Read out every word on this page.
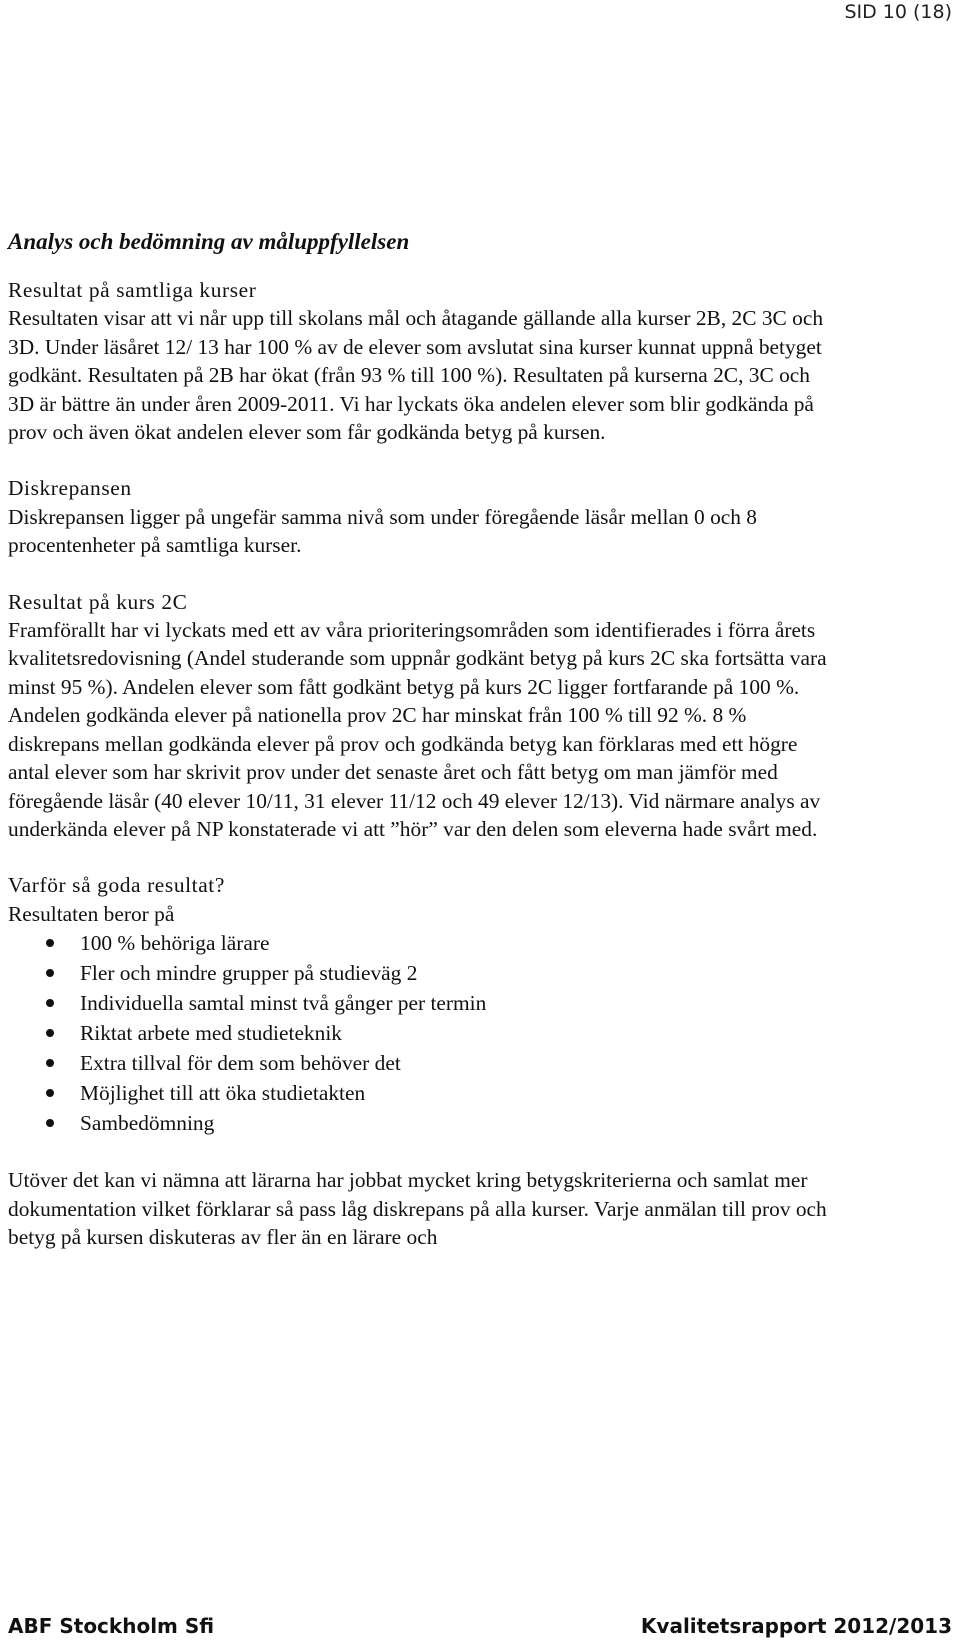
SID 10 (18)
Analys och bedömning av måluppfyllelsen

Resultat på samtliga kurser

Resultaten visar att vi når upp till skolans mål och åtagande gällande alla kurser 2B, 2C 3C och 3D. Under läsåret 12/ 13 har 100 % av de elever som avslutat sina kurser kunnat uppnå betyget godkänt. Resultaten på 2B har ökat (från 93 % till 100 %). Resultaten på kurserna 2C, 3C och 3D är bättre än under åren 2009-2011. Vi har lyckats öka andelen elever som blir godkända på prov och även ökat andelen elever som får godkända betyg på kursen.

Diskrepansen

Diskrepansen ligger på ungefär samma nivå som under föregående läsår mellan 0 och 8 procentenheter på samtliga kurser.

Resultat på kurs 2C

Framförallt har vi lyckats med ett av våra prioriteringsområden som identifierades i förra årets kvalitetsredovisning (Andel studerande som uppnår godkänt betyg på kurs 2C ska fortsätta vara minst 95 %). Andelen elever som fått godkänt betyg på kurs 2C ligger fortfarande på 100 %. Andelen godkända elever på nationella prov 2C har minskat från 100 % till 92 %. 8 % diskrepans mellan godkända elever på prov och godkända betyg kan förklaras med ett högre antal elever som har skrivit prov under det senaste året och fått betyg om man jämför med föregående läsår (40 elever 10/11, 31 elever 11/12 och 49 elever 12/13). Vid närmare analys av underkända elever på NP konstaterade vi att ”hör” var den delen som eleverna hade svårt med.

Varför så goda resultat?

Resultaten beror på

100 % behöriga lärare
Fler och mindre grupper på studieväg 2
Individuella samtal minst två gånger per termin
Riktat arbete med studieteknik
Extra tillval för dem som behöver det
Möjlighet till att öka studietakten
Sambedömning

Utöver det kan vi nämna att lärarna har jobbat mycket kring betygskriterierna och samlat mer dokumentation vilket förklarar så pass låg diskrepans på alla kurser. Varje anmälan till prov och betyg på kursen diskuteras av fler än en lärare och

ABF Stockholm Sfi	Kvalitetsrapport 2012/2013
